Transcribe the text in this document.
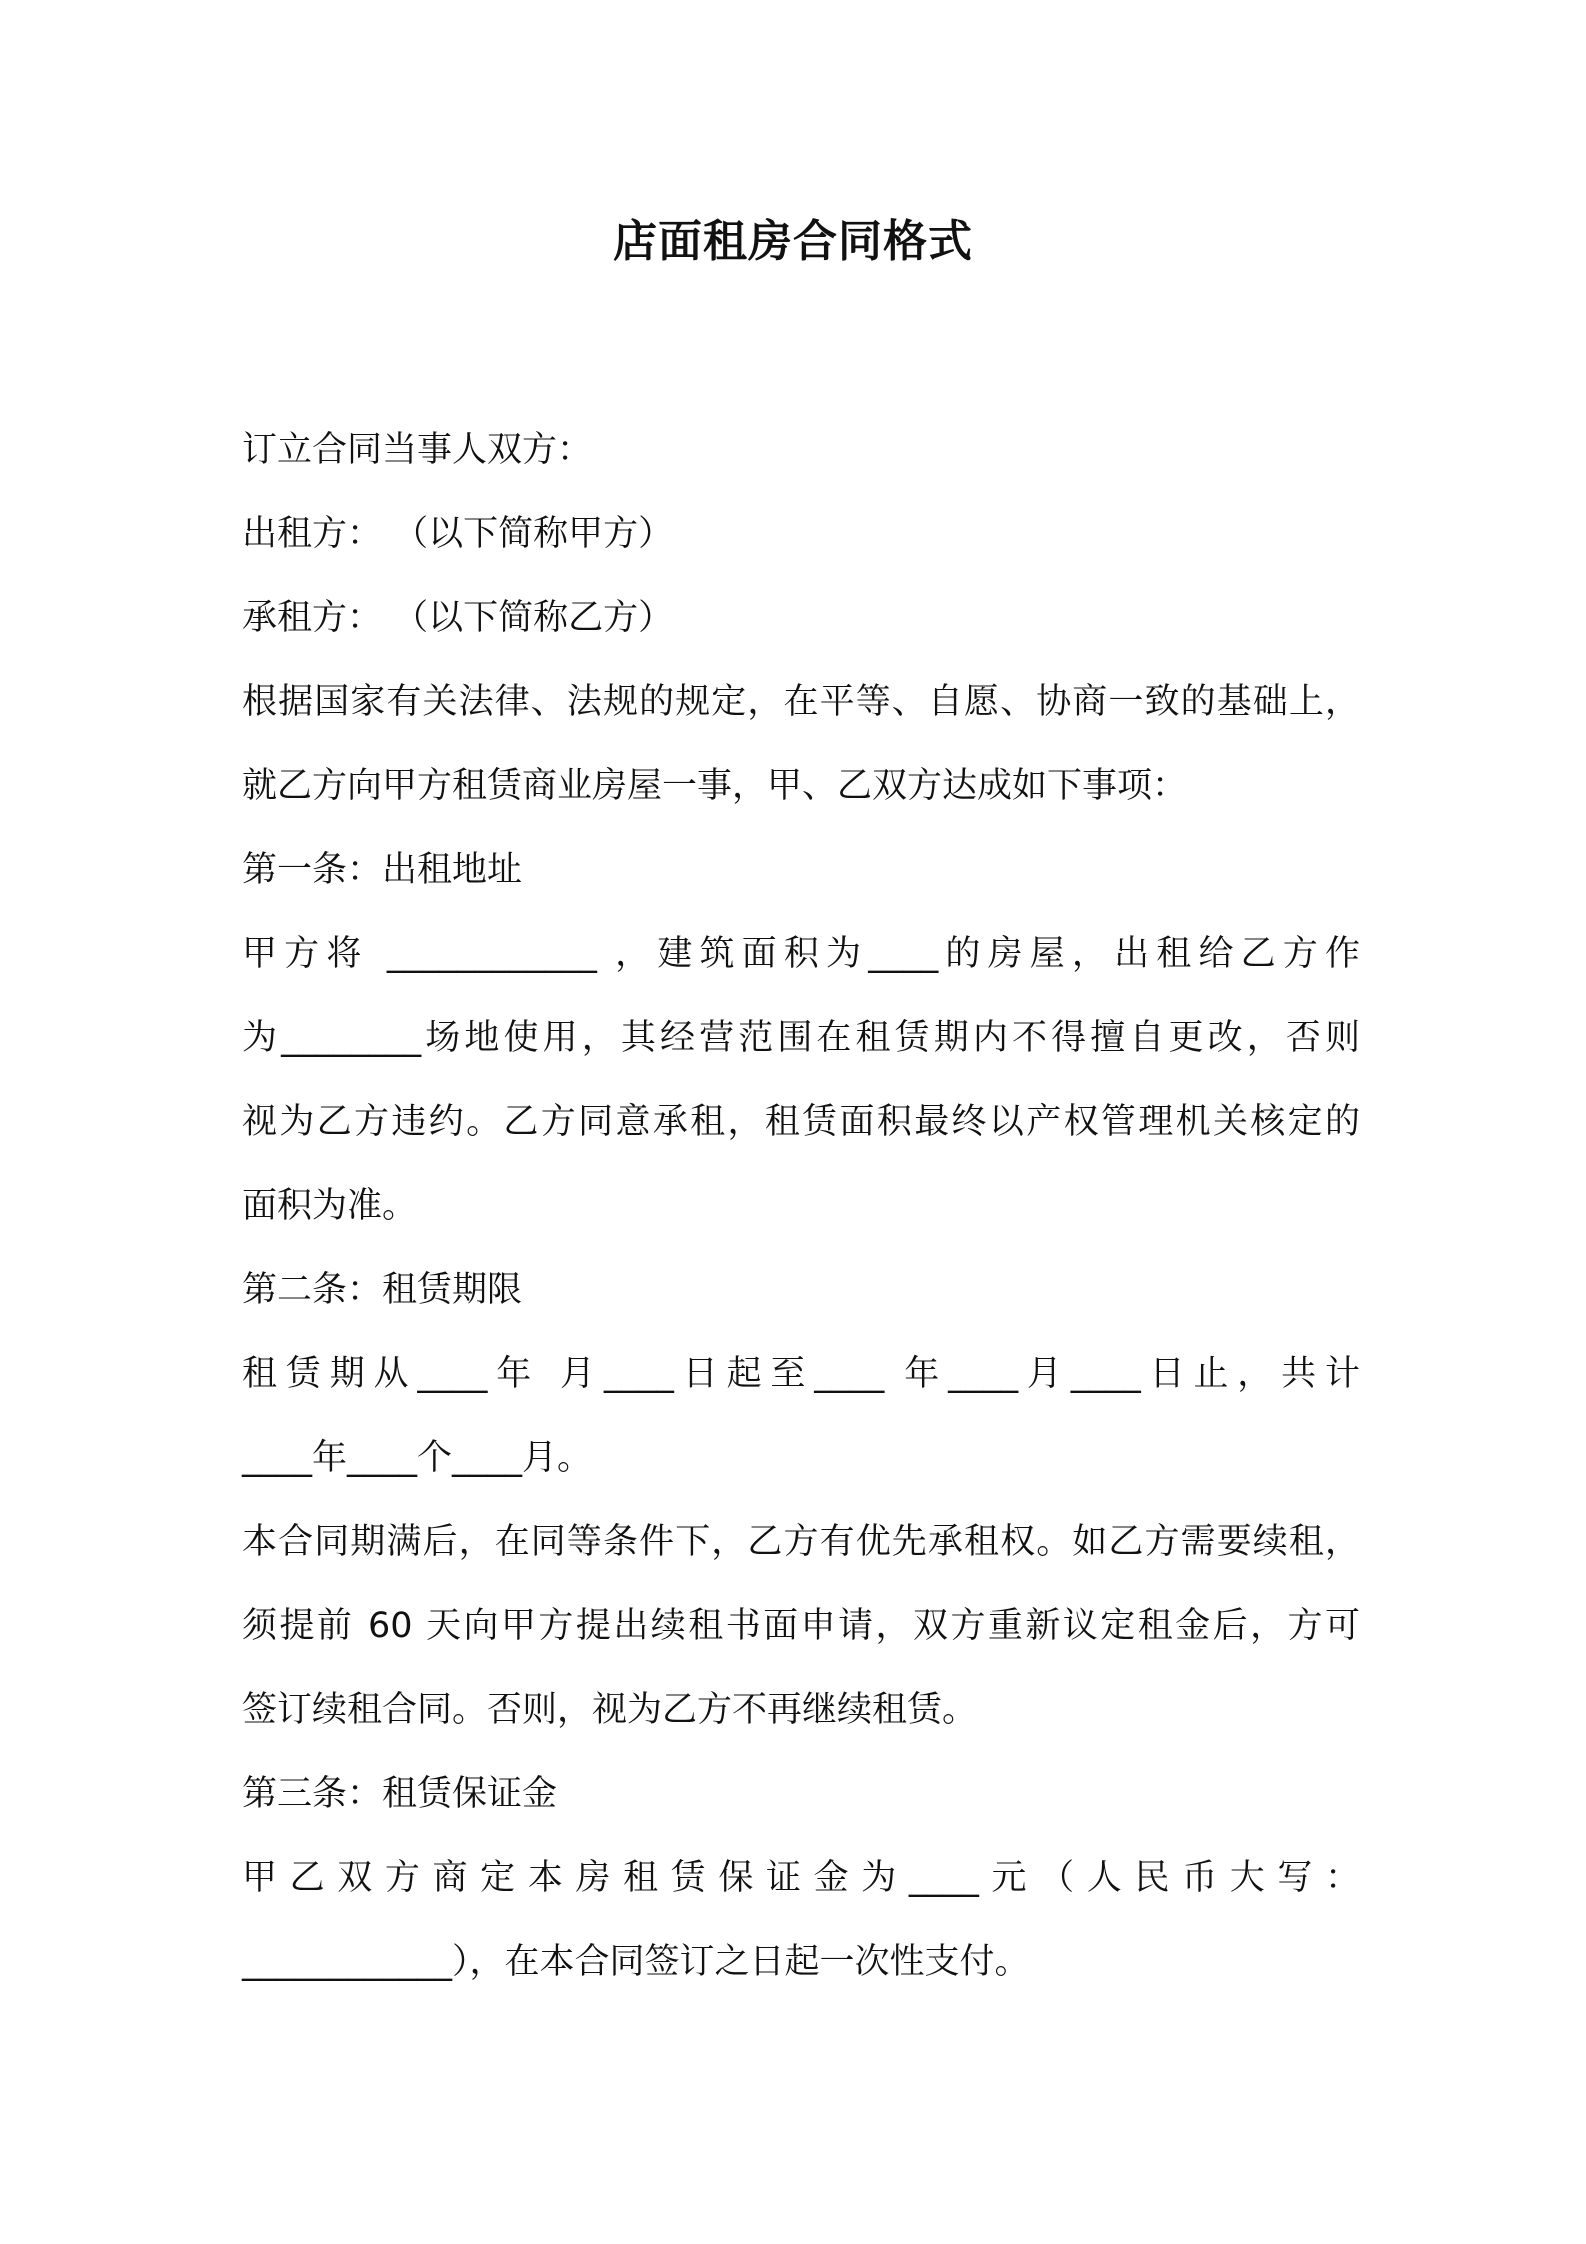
店面租房合同格式
订立合同当事人双方：
出租方： （以下简称甲方）
承租方： （以下简称乙方）
根据国家有关法律、法规的规定，在平等、自愿、协商一致的基础上，
就乙方向甲方租赁商业房屋一事，甲、乙双方达成如下事项：
第一条：出租地址
甲方将 ____________ ，建筑面积为____的房屋，出租给乙方作
为________场地使用，其经营范围在租赁期内不得擅自更改，否则
视为乙方违约。乙方同意承租，租赁面积最终以产权管理机关核定的
面积为准。
第二条：租赁期限
租赁期从____年 月____日起至____ 年____月____日止，共计
____年____个____月。
本合同期满后，在同等条件下，乙方有优先承租权。如乙方需要续租，
须提前 60 天向甲方提出续租书面申请，双方重新议定租金后，方可
签订续租合同。否则，视为乙方不再继续租赁。
第三条：租赁保证金
甲乙双方商定本房租赁保证金为____元（人民币大写：
____________），在本合同签订之日起一次性支付。
